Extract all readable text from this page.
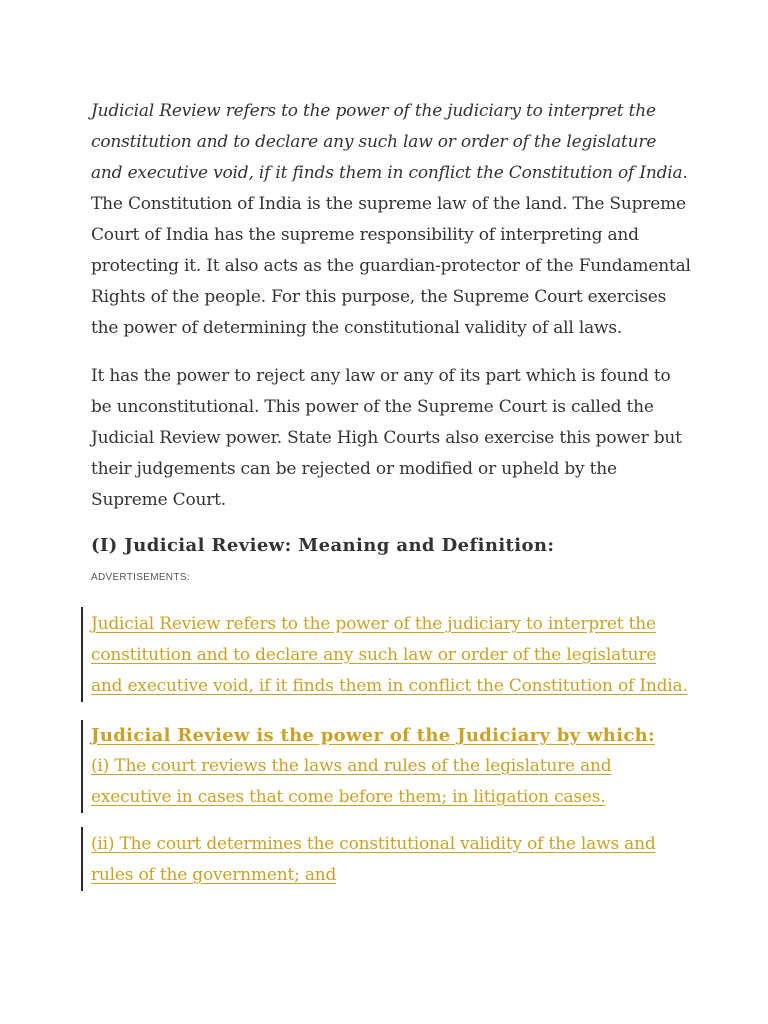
Judicial Review refers to the power of the judiciary to interpret the constitution and to declare any such law or order of the legislature and executive void, if it finds them in conflict the Constitution of India.

The Constitution of India is the supreme law of the land. The Supreme Court of India has the supreme responsibility of interpreting and protecting it. It also acts as the guardian-protector of the Fundamental Rights of the people. For this purpose, the Supreme Court exercises the power of determining the constitutional validity of all laws.

It has the power to reject any law or any of its part which is found to be unconstitutional. This power of the Supreme Court is called the Judicial Review power. State High Courts also exercise this power but their judgements can be rejected or modified or upheld by the Supreme Court.

(I) Judicial Review: Meaning and Definition:
ADVERTISEMENTS:

Judicial Review refers to the power of the judiciary to interpret the constitution and to declare any such law or order of the legislature and executive void, if it finds them in conflict the Constitution of India.

Judicial Review is the power of the Judiciary by which:

(i) The court reviews the laws and rules of the legislature and executive in cases that come before them; in litigation cases.

(ii) The court determines the constitutional validity of the laws and rules of the government; and
